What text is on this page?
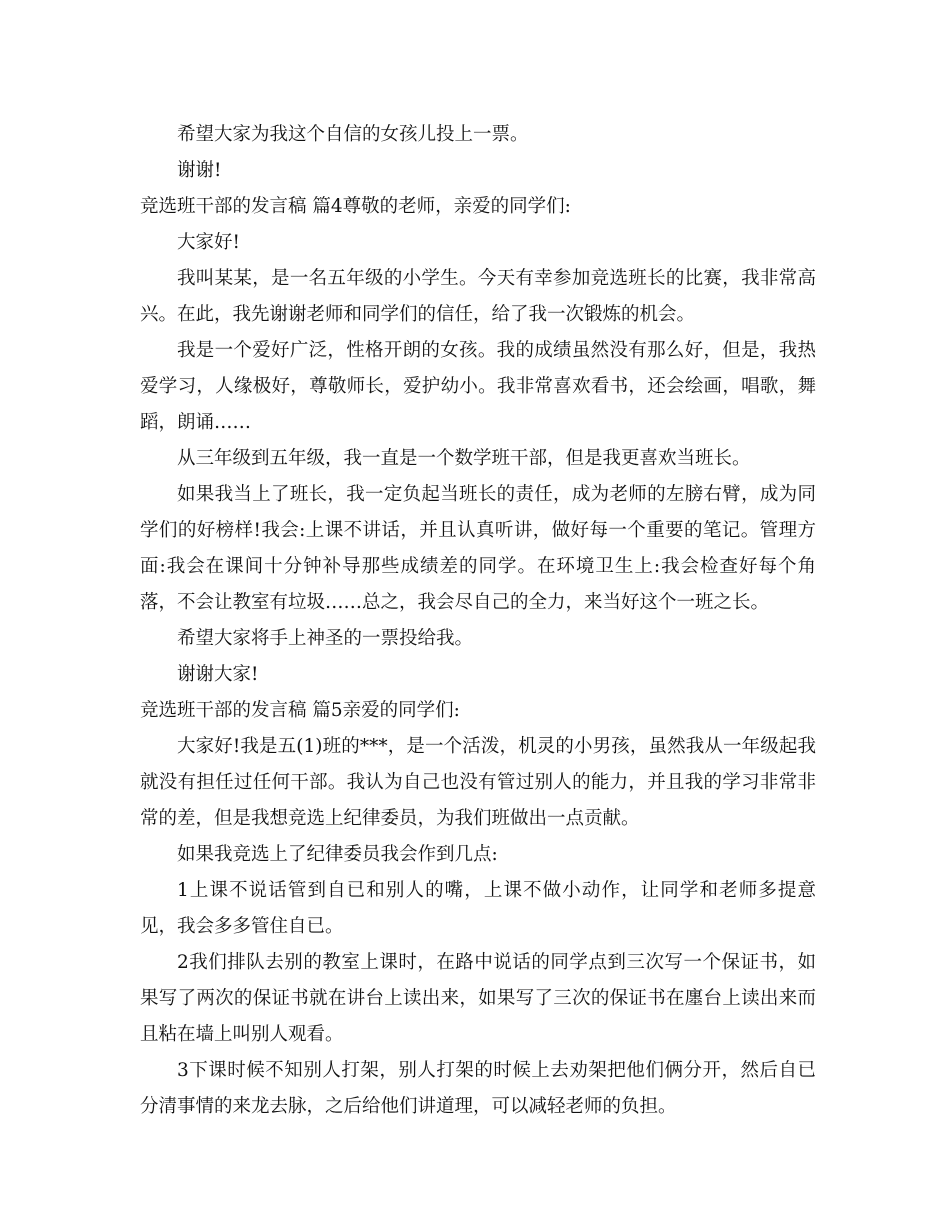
希望大家为我这个自信的女孩儿投上一票。

谢谢!

竞选班干部的发言稿 篇4尊敬的老师，亲爱的同学们:

大家好!

我叫某某，是一名五年级的小学生。今天有幸参加竞选班长的比赛，我非常高兴。在此，我先谢谢老师和同学们的信任，给了我一次锻炼的机会。

我是一个爱好广泛，性格开朗的女孩。我的成绩虽然没有那么好，但是，我热爱学习，人缘极好，尊敬师长，爱护幼小。我非常喜欢看书，还会绘画，唱歌，舞蹈，朗诵……

从三年级到五年级，我一直是一个数学班干部，但是我更喜欢当班长。

如果我当上了班长，我一定负起当班长的责任，成为老师的左膀右臂，成为同学们的好榜样!我会:上课不讲话，并且认真听讲，做好每一个重要的笔记。管理方面:我会在课间十分钟补导那些成绩差的同学。在环境卫生上:我会检查好每个角落，不会让教室有垃圾……总之，我会尽自己的全力，来当好这个一班之长。

希望大家将手上神圣的一票投给我。

谢谢大家!

竞选班干部的发言稿 篇5亲爱的同学们:

大家好!我是五(1)班的***，是一个活泼，机灵的小男孩，虽然我从一年级起我就没有担任过任何干部。我认为自己也没有管过别人的能力，并且我的学习非常非常的差，但是我想竞选上纪律委员，为我们班做出一点贡献。

如果我竞选上了纪律委员我会作到几点:

1上课不说话管到自已和别人的嘴，上课不做小动作，让同学和老师多提意见，我会多多管住自已。

2我们排队去别的教室上课时，在路中说话的同学点到三次写一个保证书，如果写了两次的保证书就在讲台上读出来，如果写了三次的保证书在廛台上读出来而且粘在墙上叫别人观看。

3下课时候不知别人打架，别人打架的时候上去劝架把他们俩分开，然后自已分清事情的来龙去脉，之后给他们讲道理，可以减轻老师的负担。
